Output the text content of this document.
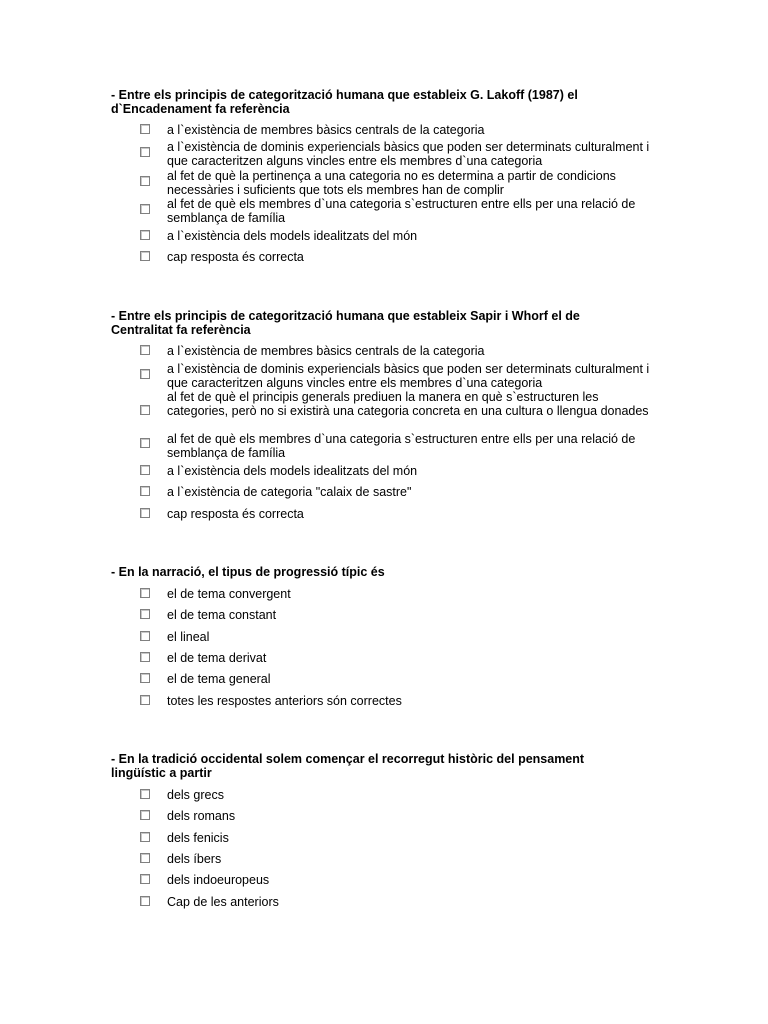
- Entre els principis de categorització humana que estableix G. Lakoff (1987) el d`Encadenament fa referència

a l`existència de membres bàsics centrals de la categoria
a l`existència de dominis experiencials bàsics que poden ser determinats culturalment i que caracteritzen alguns vincles entre els membres d`una categoria
al fet de què la pertinença a una categoria no es determina a partir de condicions necessàries i suficients que tots els membres han de complir
al fet de què els membres d`una categoria s`estructuren entre ells per una relació de semblança de família
a l`existència dels models idealitzats del món
cap resposta és correcta

- Entre els principis de categorització humana que estableix Sapir i Whorf el de Centralitat fa referència

a l`existència de membres bàsics centrals de la categoria
a l`existència de dominis experiencials bàsics que poden ser determinats culturalment i que caracteritzen alguns vincles entre els membres d`una categoria
al fet de què el principis generals prediuen la manera en què s`estructuren les categories, però no si existirà una categoria concreta en una cultura o llengua donades
al fet de què els membres d`una categoria s`estructuren entre ells per una relació de semblança de família
a l`existència dels models idealitzats del món
a l`existència de categoria "calaix de sastre"
cap resposta és correcta

- En la narració, el tipus de progressió típic és

el de tema convergent
el de tema constant
el lineal
el de tema derivat
el de tema general
totes les respostes anteriors són correctes

- En la tradició occidental solem començar el recorregut històric del pensament lingüístic a partir

dels grecs
dels romans
dels fenicis
dels íbers
dels indoeuropeus
Cap de les anteriors
